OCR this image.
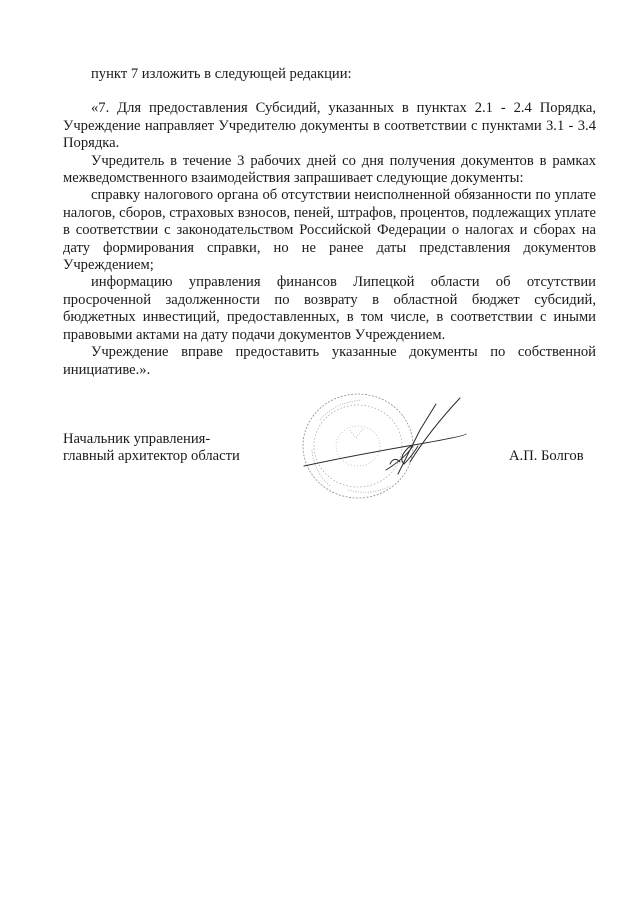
пункт 7 изложить в следующей редакции:

«7. Для предоставления Субсидий, указанных в пунктах 2.1 - 2.4 Порядка, Учреждение направляет Учредителю документы в соответствии с пунктами 3.1 - 3.4 Порядка.

Учредитель в течение 3 рабочих дней со дня получения документов в рамках межведомственного взаимодействия запрашивает следующие документы:

справку налогового органа об отсутствии неисполненной обязанности по уплате налогов, сборов, страховых взносов, пеней, штрафов, процентов, подлежащих уплате в соответствии с законодательством Российской Федерации о налогах и сборах на дату формирования справки, но не ранее даты представления документов Учреждением;

информацию управления финансов Липецкой области об отсутствии просроченной задолженности по возврату в областной бюджет субсидий, бюджетных инвестиций, предоставленных, в том числе, в соответствии с иными правовыми актами на дату подачи документов Учреждением.

Учреждение вправе предоставить указанные документы по собственной инициативе.».

Начальник управления-
главный архитектор области	А.П. Болгов
